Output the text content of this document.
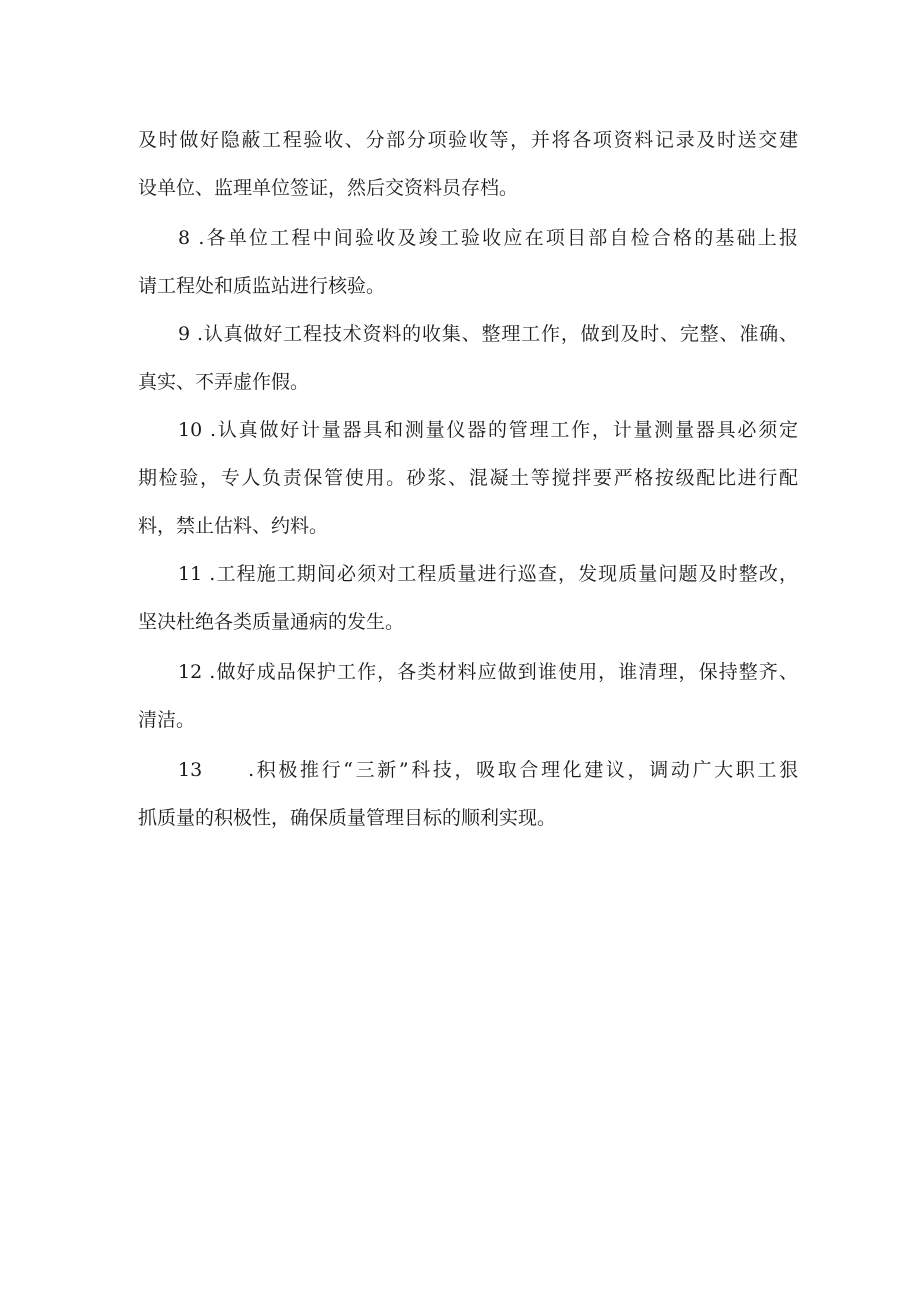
及时做好隐蔽工程验收、分部分项验收等，并将各项资料记录及时送交建
设单位、监理单位签证，然后交资料员存档。
8 .各单位工程中间验收及竣工验收应在项目部自检合格的基础上报
请工程处和质监站进行核验。
9 .认真做好工程技术资料的收集、整理工作，做到及时、完整、准确、
真实、不弄虚作假。
10 .认真做好计量器具和测量仪器的管理工作，计量测量器具必须定
期检验，专人负责保管使用。砂浆、混凝土等搅拌要严格按级配比进行配
料，禁止估料、约料。
11 .工程施工期间必须对工程质量进行巡查，发现质量问题及时整改，
坚决杜绝各类质量通病的发生。
12 .做好成品保护工作，各类材料应做到谁使用，谁清理，保持整齐、
清洁。
13　　.积极推行“三新”科技，吸取合理化建议，调动广大职工狠
抓质量的积极性，确保质量管理目标的顺利实现。
